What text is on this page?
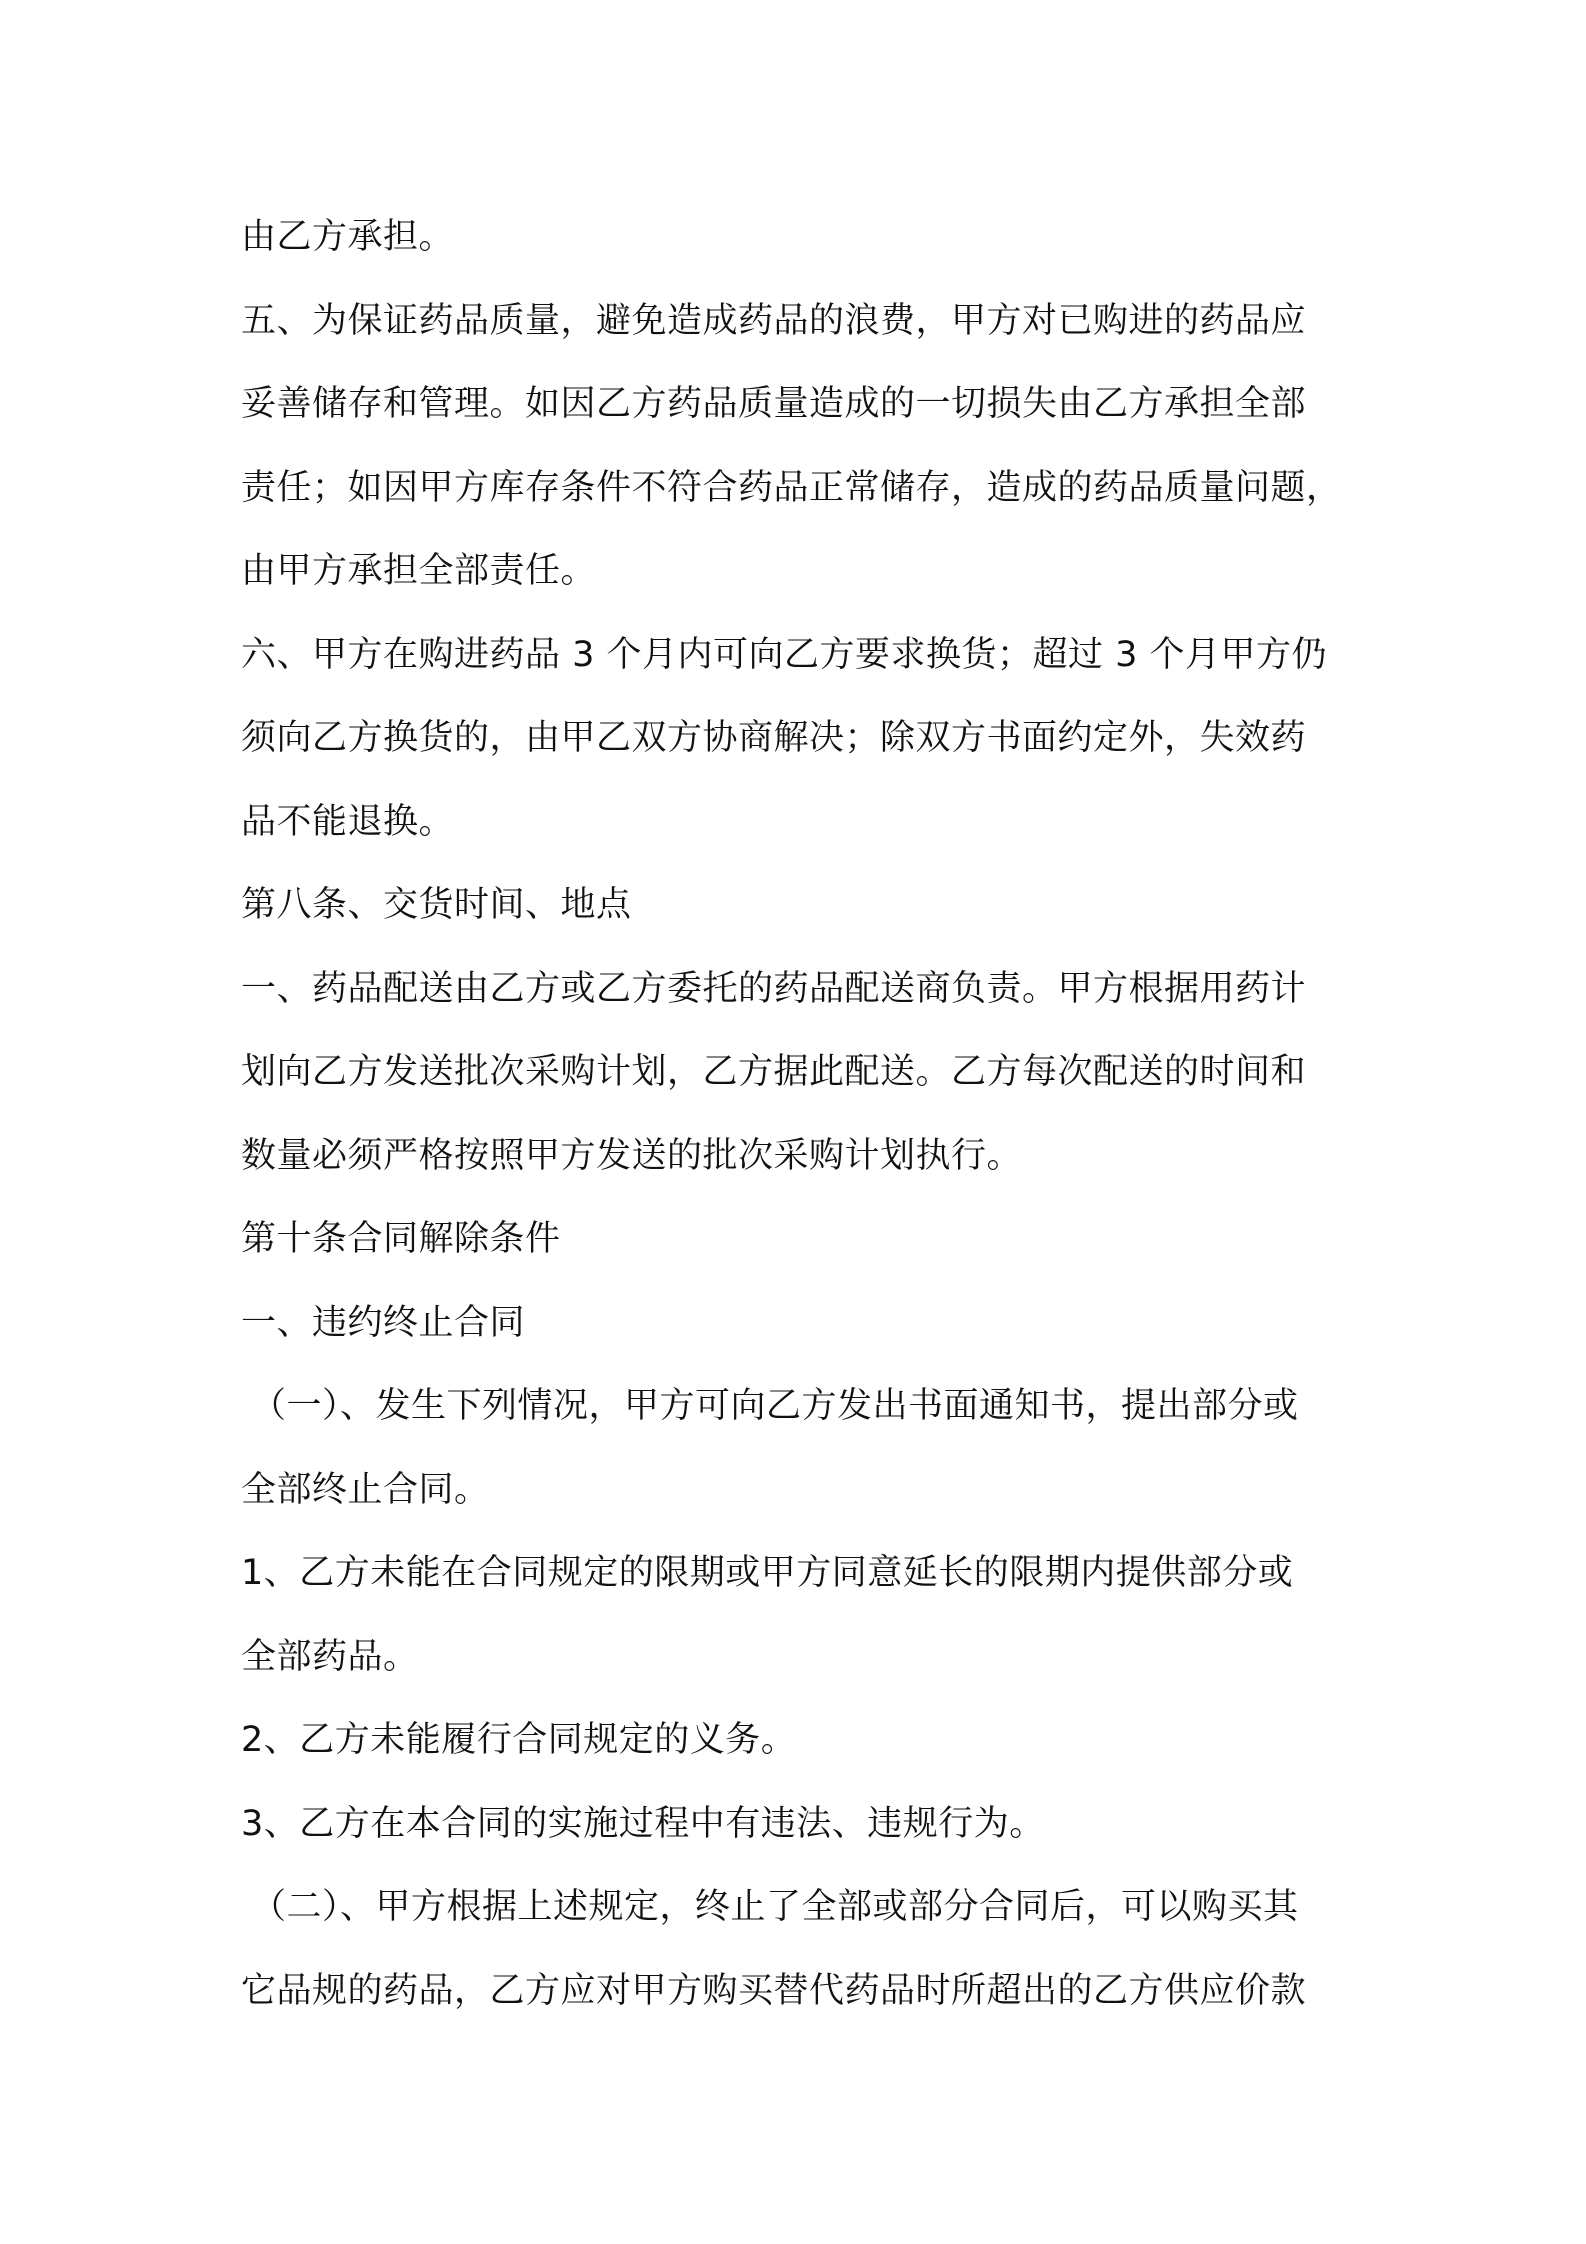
由乙方承担。
五、为保证药品质量，避免造成药品的浪费，甲方对已购进的药品应
妥善储存和管理。如因乙方药品质量造成的一切损失由乙方承担全部
责任；如因甲方库存条件不符合药品正常储存，造成的药品质量问题，
由甲方承担全部责任。
六、甲方在购进药品 3 个月内可向乙方要求换货；超过 3 个月甲方仍
须向乙方换货的，由甲乙双方协商解决；除双方书面约定外，失效药
品不能退换。
第八条、交货时间、地点
一、药品配送由乙方或乙方委托的药品配送商负责。甲方根据用药计
划向乙方发送批次采购计划，乙方据此配送。乙方每次配送的时间和
数量必须严格按照甲方发送的批次采购计划执行。
第十条合同解除条件
一、违约终止合同
（一）、发生下列情况，甲方可向乙方发出书面通知书，提出部分或
全部终止合同。
1、乙方未能在合同规定的限期或甲方同意延长的限期内提供部分或
全部药品。
2、乙方未能履行合同规定的义务。
3、乙方在本合同的实施过程中有违法、违规行为。
（二）、甲方根据上述规定，终止了全部或部分合同后，可以购买其
它品规的药品，乙方应对甲方购买替代药品时所超出的乙方供应价款
